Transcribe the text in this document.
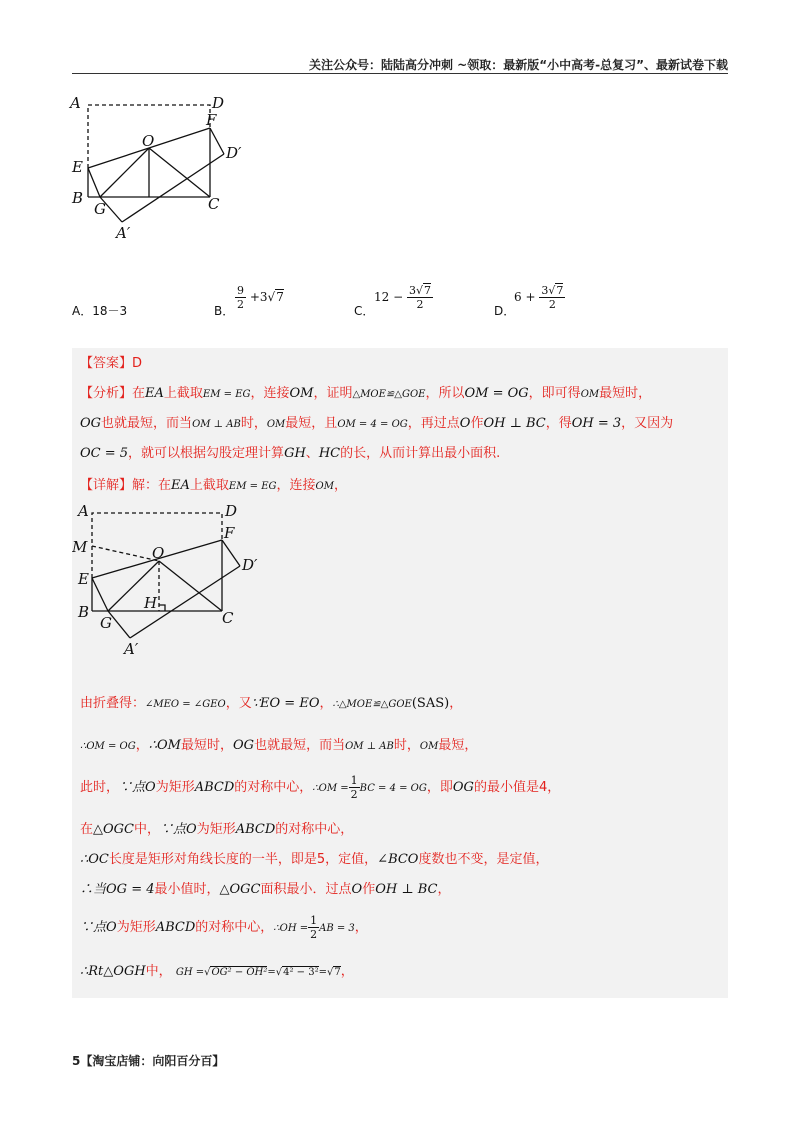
关注公众号：陆陆高分冲刺 ~领取：最新版“小中高考-总复习”、最新试卷下载
A	D
F
O
D′
E
B
G	C
A′
A．18－3	B． $\frac{9}{2} +3√7$
C．
$12 - \frac{3√7}{2}$	D．
$6 + \frac{3√7}{2}$
【答案】D
【分析】在EA上截取EM = EG，连接OM，证明△MOE≌△GOE，所以OM = OG，即可得OM最短时，
OG也就最短，而当OM ⊥ AB时，OM最短，且OM = 4 = OG，再过点O作OH ⊥ BC，得OH = 3，又因为
OC = 5，就可以根据勾股定理计算GH、HC的长，从而计算出最小面积.
【详解】解：在EA上截取EM = EG，连接OM，
A	D
M	O
F
D′
E
H
B	C
G
A′
由折叠得：∠MEO = ∠GEO，又∵EO = EO，∴△MOE≌△GOE(SAS)，
∴OM = OG，∴OM最短时，OG也就最短，而当OM ⊥ AB时，OM最短，
此时，∵点O为矩形ABCD的对称中心，∴OM = $\frac{1}{2}$ BC = 4 = OG，即OG的最小值是4，
在△OGC中，∵点O为矩形ABCD的对称中心，
∴OC长度是矩形对角线长度的一半，即是5，定值，∠BCO度数也不变，是定值，
∴当OG = 4最小值时，△OGC面积最小．过点O作OH ⊥ BC，
∵点O为矩形ABCD的对称中心，∴OH = $\frac{1}{2}$ AB = 3，
∴Rt△OGH中， GH =√OG² − OH²=√4² − 3²=√7，
5【淘宝店铺：向阳百分百】
